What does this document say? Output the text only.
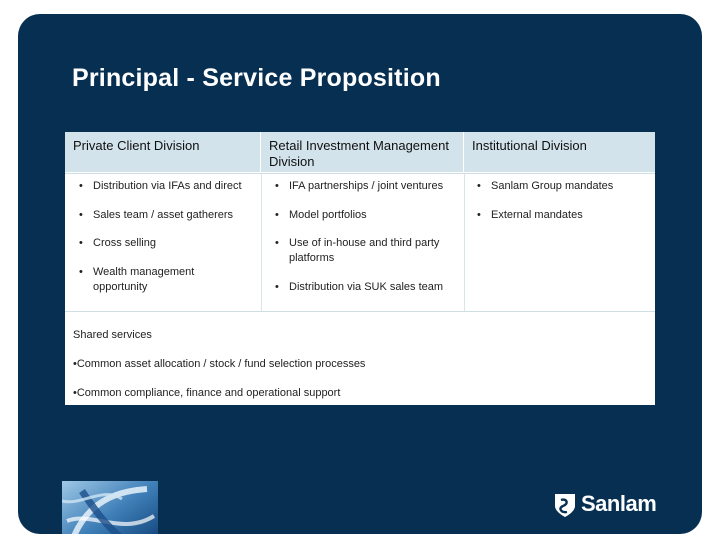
Principal - Service Proposition
Private Client Division	Retail Investment Management Division
Institutional Division
• Distribution via IFAs and direct
• Sales team / asset gatherers
• Cross selling
• Wealth management opportunity
• IFA partnerships / joint ventures
• Model portfolios
• Use of in-house and third party platforms
• Distribution via SUK sales team
• Sanlam Group mandates
• External mandates
Shared services
•Common asset allocation / stock / fund selection processes
•Common compliance, finance and operational support
Sanlam
